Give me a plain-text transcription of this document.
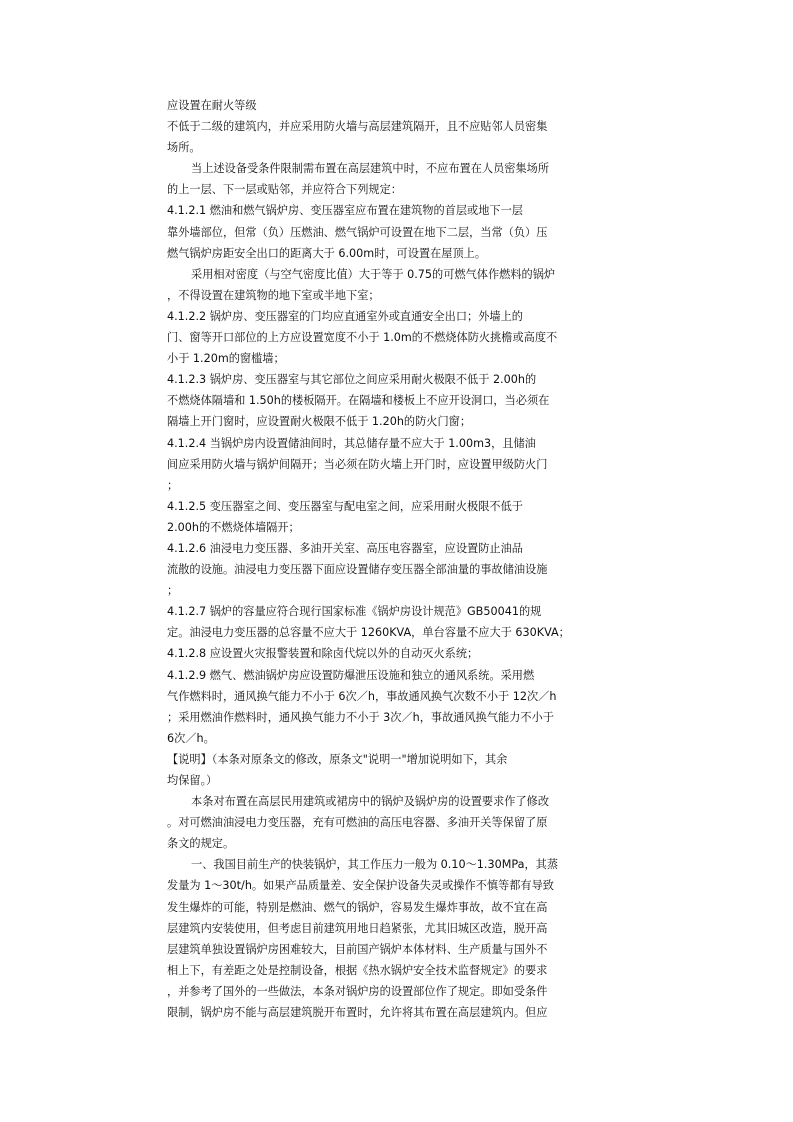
应设置在耐火等级
不低于二级的建筑内，并应采用防火墙与高层建筑隔开，且不应贴邻人员密集
场所。
当上述设备受条件限制需布置在高层建筑中时，不应布置在人员密集场所
的上一层、下一层或贴邻，并应符合下列规定：
4.1.2.1 燃油和燃气锅炉房、变压器室应布置在建筑物的首层或地下一层
靠外墙部位，但常（负）压燃油、燃气锅炉可设置在地下二层，当常（负）压
燃气锅炉房距安全出口的距离大于 6.00m时，可设置在屋顶上。
采用相对密度（与空气密度比值）大于等于 0.75的可燃气体作燃料的锅炉
，不得设置在建筑物的地下室或半地下室；
4.1.2.2 锅炉房、变压器室的门均应直通室外或直通安全出口；外墙上的
门、窗等开口部位的上方应设置宽度不小于 1.0m的不燃烧体防火挑檐或高度不
小于 1.20m的窗槛墙；
4.1.2.3 锅炉房、变压器室与其它部位之间应采用耐火极限不低于 2.00h的
不燃烧体隔墙和 1.50h的楼板隔开。在隔墙和楼板上不应开设洞口，当必须在
隔墙上开门窗时，应设置耐火极限不低于 1.20h的防火门窗；
4.1.2.4 当锅炉房内设置储油间时，其总储存量不应大于 1.00m3，且储油
间应采用防火墙与锅炉间隔开；当必须在防火墙上开门时，应设置甲级防火门
；
4.1.2.5 变压器室之间、变压器室与配电室之间，应采用耐火极限不低于
2.00h的不燃烧体墙隔开；
4.1.2.6 油浸电力变压器、多油开关室、高压电容器室，应设置防止油品
流散的设施。油浸电力变压器下面应设置储存变压器全部油量的事故储油设施
；
4.1.2.7 锅炉的容量应符合现行国家标准《锅炉房设计规范》GB50041的规
定。油浸电力变压器的总容量不应大于 1260KVA，单台容量不应大于 630KVA；
4.1.2.8 应设置火灾报警装置和除卤代烷以外的自动灭火系统；
4.1.2.9 燃气、燃油锅炉房应设置防爆泄压设施和独立的通风系统。采用燃
气作燃料时，通风换气能力不小于 6次／h，事故通风换气次数不小于 12次／h
；采用燃油作燃料时，通风换气能力不小于 3次／h，事故通风换气能力不小于
6次／h。
【说明】（本条对原条文的修改，原条文"说明一"增加说明如下，其余
均保留。）
本条对布置在高层民用建筑或裙房中的锅炉及锅炉房的设置要求作了修改
。对可燃油油浸电力变压器，充有可燃油的高压电容器、多油开关等保留了原
条文的规定。
一、我国目前生产的快装锅炉，其工作压力一般为 0.10～1.30MPa，其蒸
发量为 1～30t/h。如果产品质量差、安全保护设备失灵或操作不慎等都有导致
发生爆炸的可能，特别是燃油、燃气的锅炉，容易发生爆炸事故，故不宜在高
层建筑内安装使用，但考虑目前建筑用地日趋紧张，尤其旧城区改造，脱开高
层建筑单独设置锅炉房困难较大，目前国产锅炉本体材料、生产质量与国外不
相上下，有差距之处是控制设备，根据《热水锅炉安全技术监督规定》的要求
，并参考了国外的一些做法，本条对锅炉房的设置部位作了规定。即如受条件
限制，锅炉房不能与高层建筑脱开布置时，允许将其布置在高层建筑内。但应
